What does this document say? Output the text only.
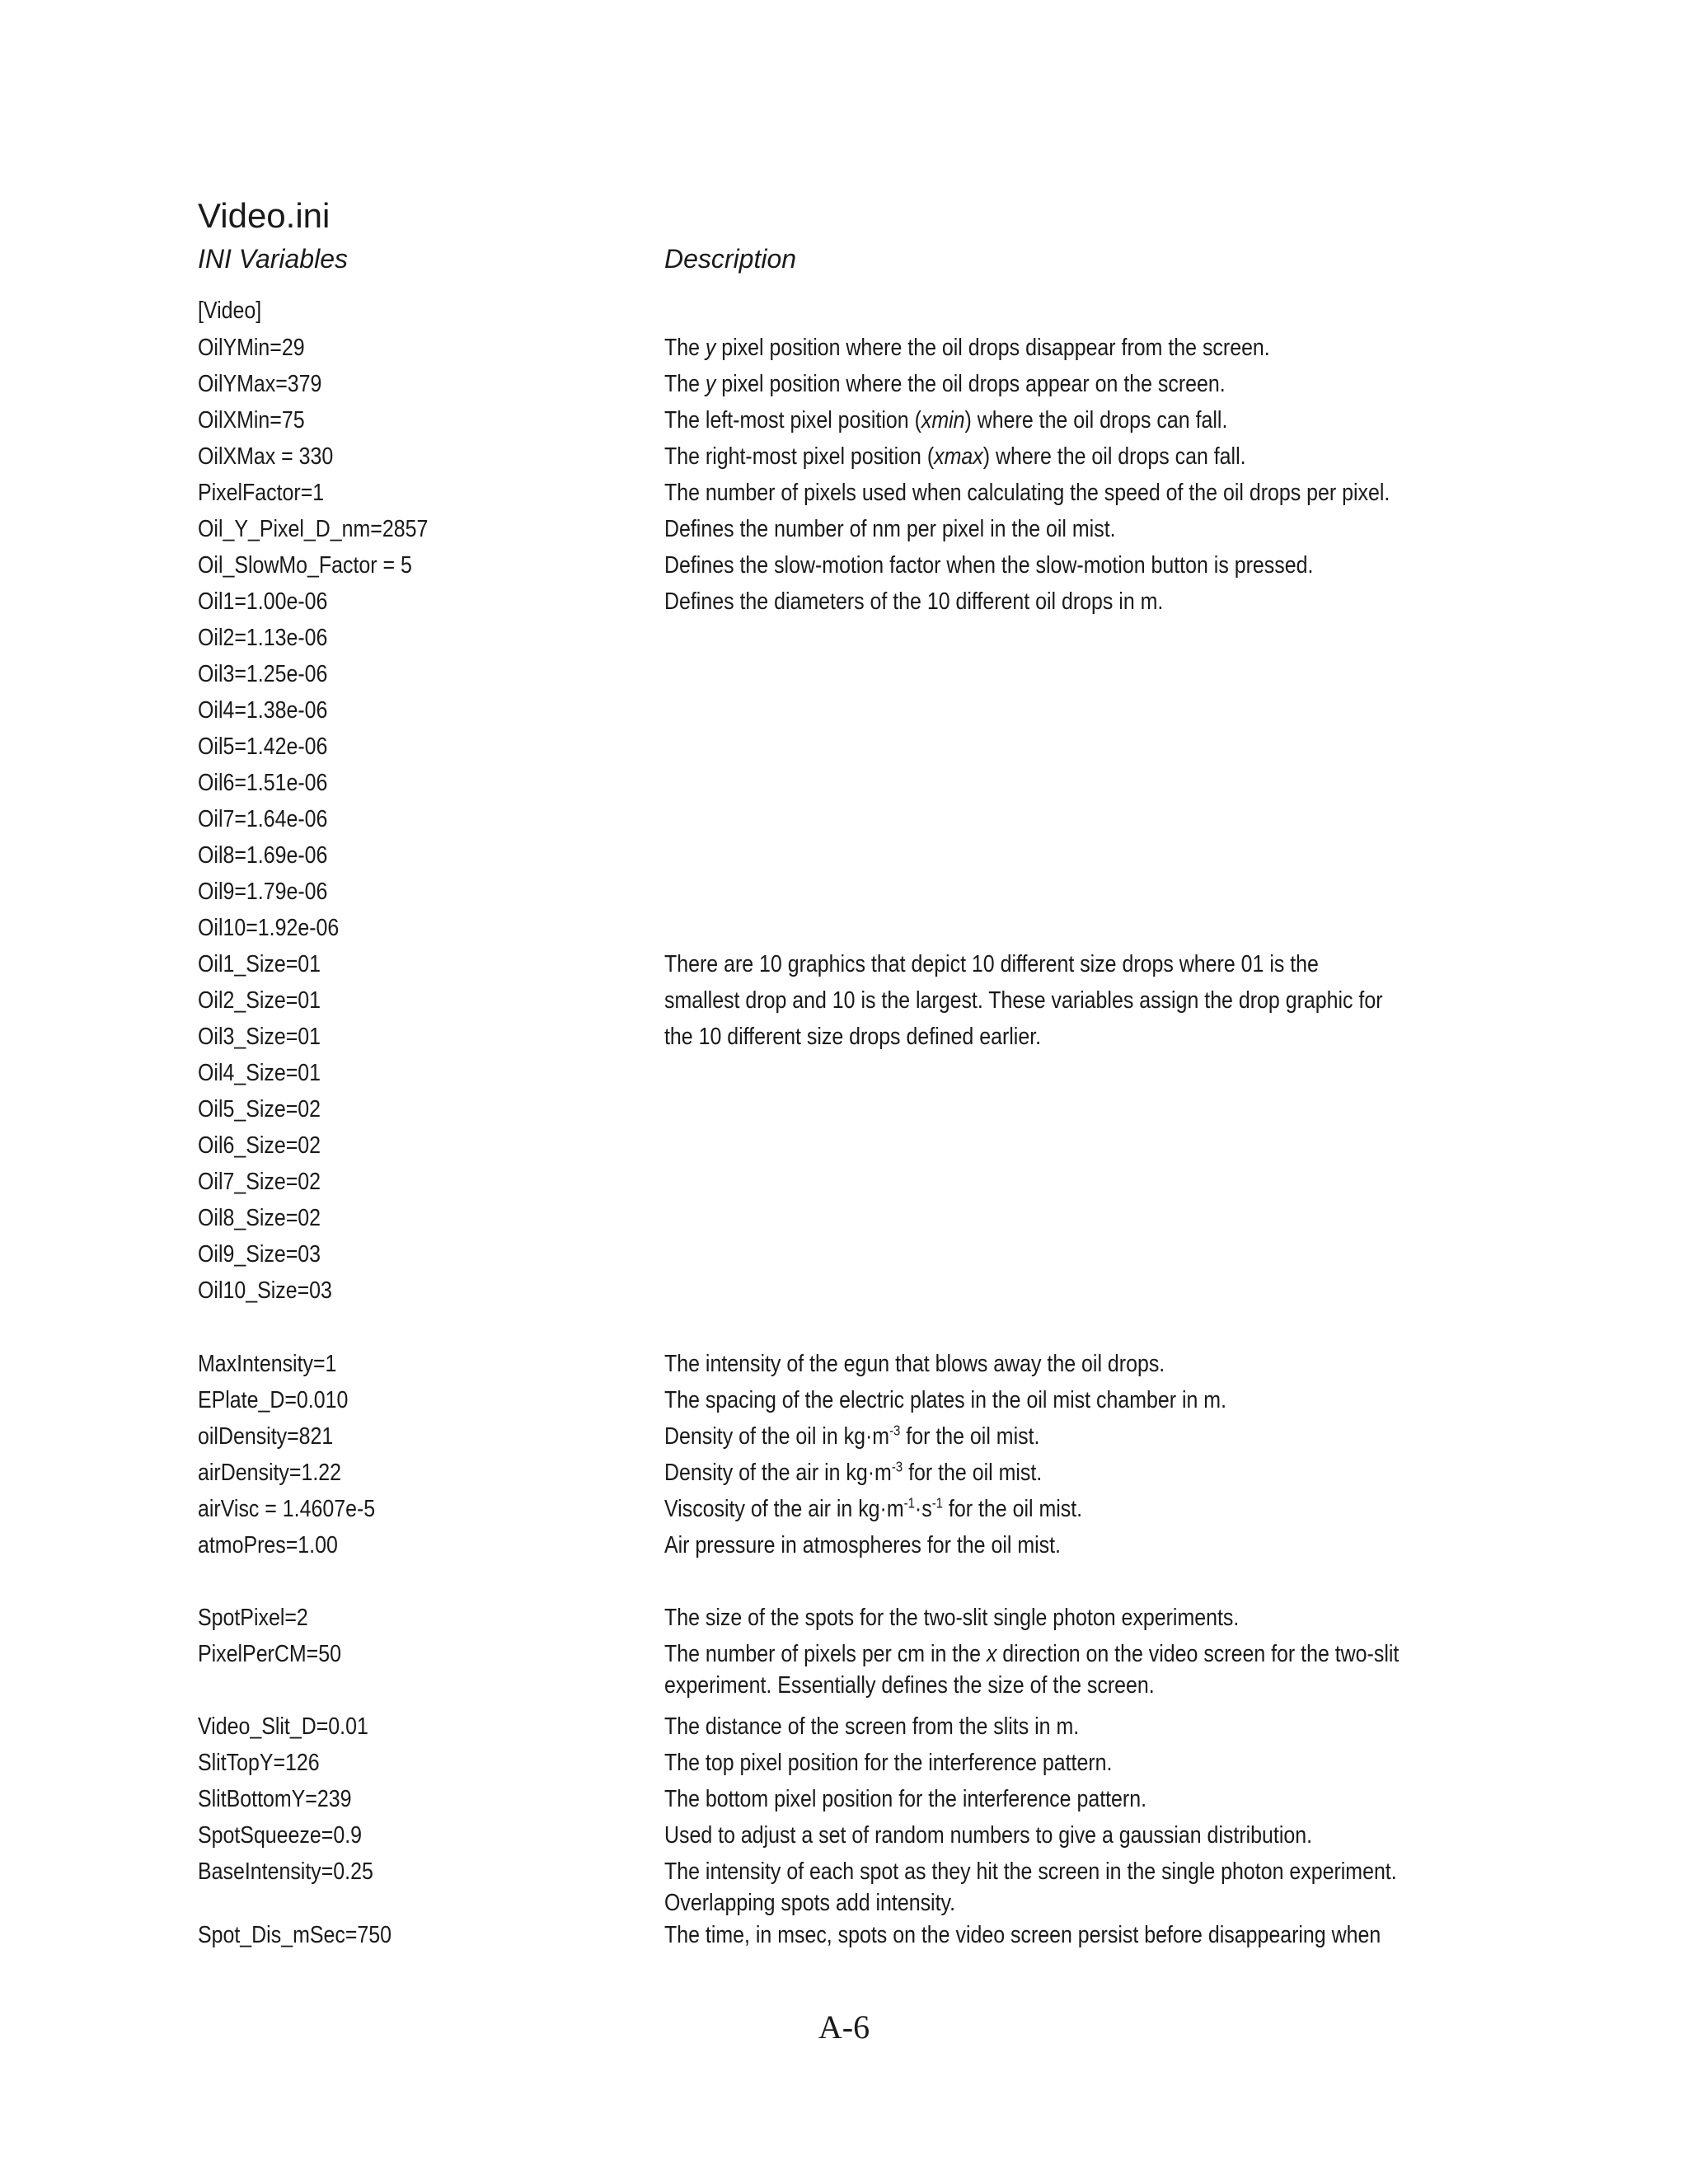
Video.ini
INI Variables	Description
[Video]
OilYMin=29
OilYMax=379
OilXMin=75
OilXMax = 330
PixelFactor=1
Oil_Y_Pixel_D_nm=2857
Oil_SlowMo_Factor = 5
Oil1=1.00e-06
Oil2=1.13e-06
Oil3=1.25e-06
Oil4=1.38e-06
Oil5=1.42e-06
Oil6=1.51e-06
Oil7=1.64e-06
Oil8=1.69e-06
Oil9=1.79e-06
Oil10=1.92e-06
Oil1_Size=01
Oil2_Size=01
Oil3_Size=01
Oil4_Size=01
Oil5_Size=02
Oil6_Size=02
Oil7_Size=02
Oil8_Size=02
Oil9_Size=03
Oil10_Size=03
MaxIntensity=1
EPlate_D=0.010
oilDensity=821
airDensity=1.22
airVisc = 1.4607e-5
atmoPres=1.00
SpotPixel=2
PixelPerCM=50
Video_Slit_D=0.01
SlitTopY=126
SlitBottomY=239
SpotSqueeze=0.9
BaseIntensity=0.25
Spot_Dis_mSec=750
The y pixel position where the oil drops disappear from the screen.
The y pixel position where the oil drops appear on the screen.
The left-most pixel position (xmin) where the oil drops can fall.
The right-most pixel position (xmax) where the oil drops can fall.
The number of pixels used when calculating the speed of the oil drops per pixel.
Defines the number of nm per pixel in the oil mist.
Defines the slow-motion factor when the slow-motion button is pressed.
Defines the diameters of the 10 different oil drops in m.
There are 10 graphics that depict 10 different size drops where 01 is the
smallest drop and 10 is the largest. These variables assign the drop graphic for
the 10 different size drops defined earlier.
The intensity of the egun that blows away the oil drops.
The spacing of the electric plates in the oil mist chamber in m.
Density of the oil in $kg\cdot m^{-3}$ for the oil mist.
Density of the air in $kg\cdot m^{-3}$ for the oil mist.
Viscosity of the air in $kg\cdot m^{-1}\cdot s^{-1}$ for the oil mist.
Air pressure in atmospheres for the oil mist.
The size of the spots for the two-slit single photon experiments.
The number of pixels per cm in the x direction on the video screen for the two-slit
experiment. Essentially defines the size of the screen.
The distance of the screen from the slits in m.
The top pixel position for the interference pattern.
The bottom pixel position for the interference pattern.
Used to adjust a set of random numbers to give a gaussian distribution.
The intensity of each spot as they hit the screen in the single photon experiment.
Overlapping spots add intensity.
The time, in msec, spots on the video screen persist before disappearing when
A-6
